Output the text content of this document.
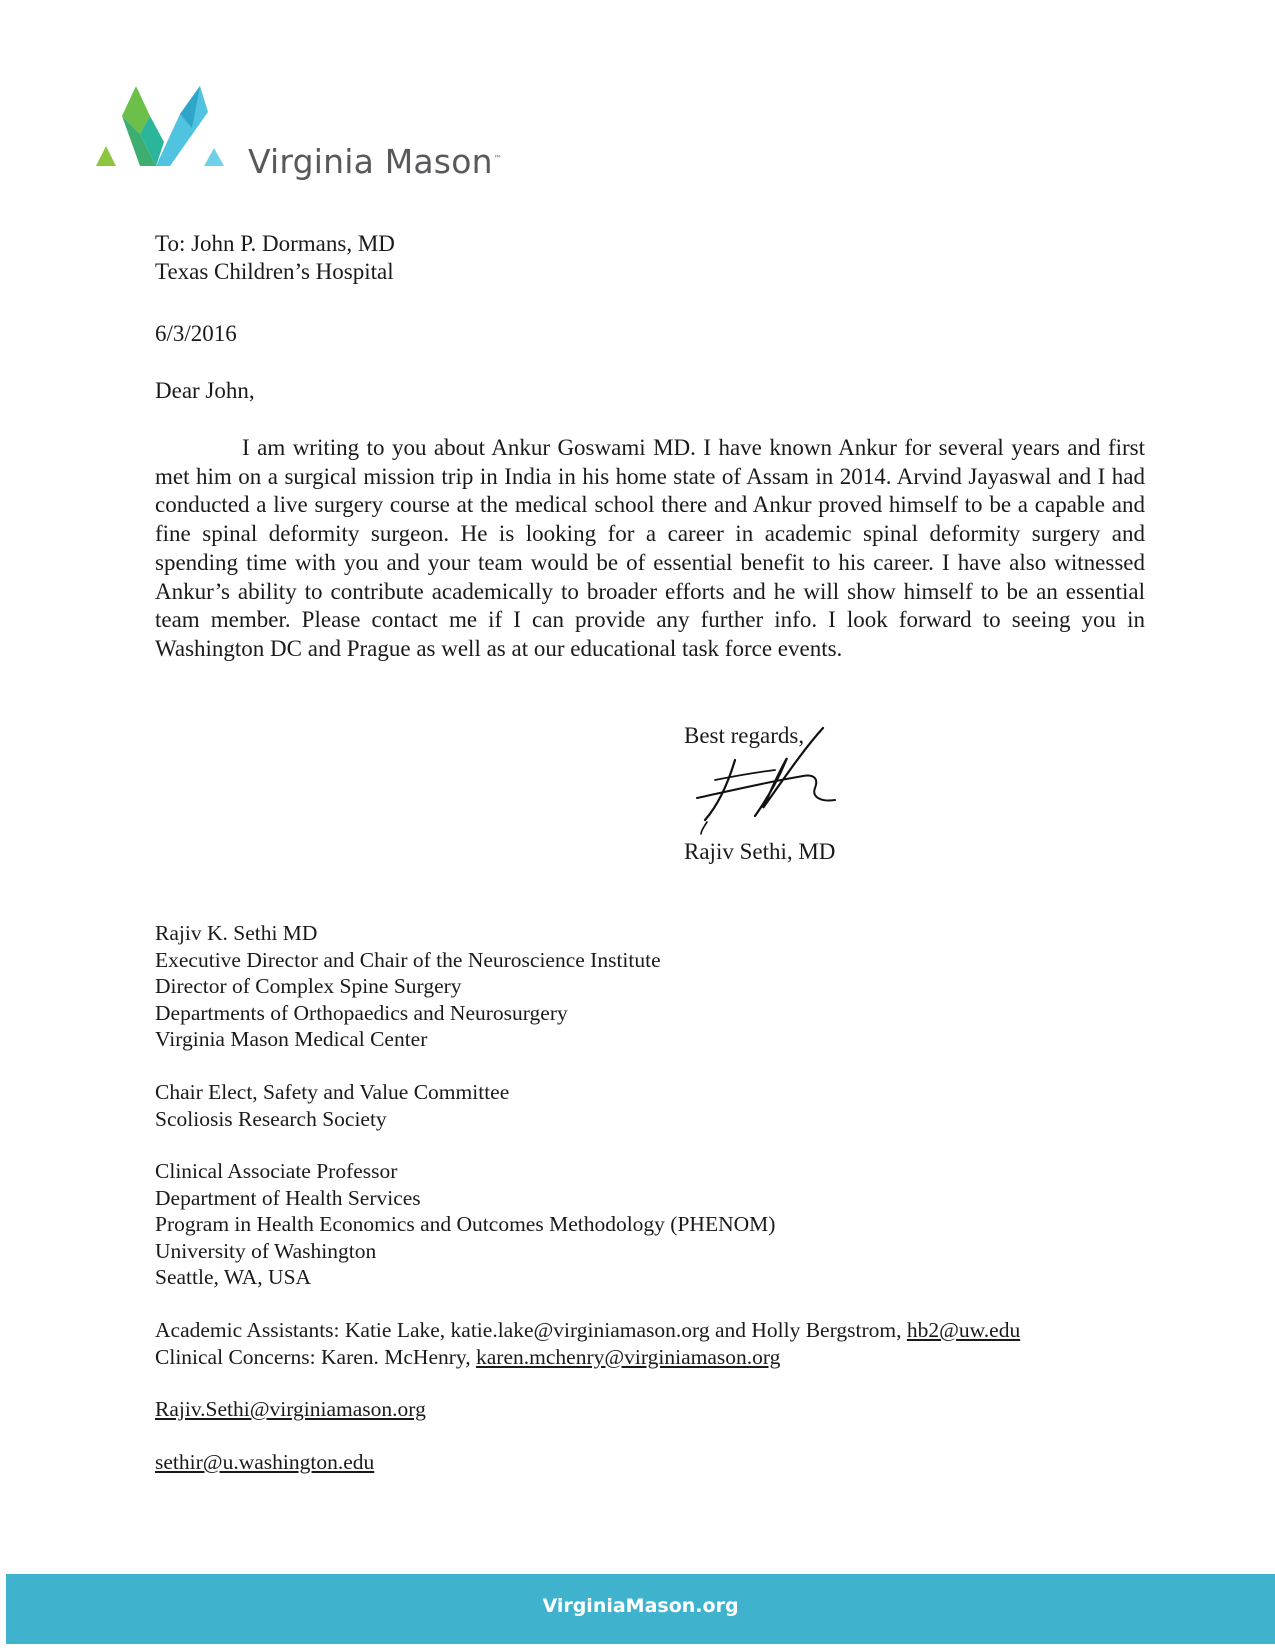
Virginia Mason™
To: John P. Dormans, MD
Texas Children’s Hospital
6/3/2016
Dear John,
I am writing to you about Ankur Goswami MD. I have known Ankur for several years and first met him on a surgical mission trip in India in his home state of Assam in 2014. Arvind Jayaswal and I had conducted a live surgery course at the medical school there and Ankur proved himself to be a capable and fine spinal deformity surgeon. He is looking for a career in academic spinal deformity surgery and spending time with you and your team would be of essential benefit to his career. I have also witnessed Ankur’s ability to contribute academically to broader efforts and he will show himself to be an essential team member. Please contact me if I can provide any further info. I look forward to seeing you in Washington DC and Prague as well as at our educational task force events.
Best regards,
Rajiv Sethi, MD
Rajiv K. Sethi MD
Executive Director and Chair of the Neuroscience Institute
Director of Complex Spine Surgery
Departments of Orthopaedics and Neurosurgery
Virginia Mason Medical Center
Chair Elect, Safety and Value Committee
Scoliosis Research Society
Clinical Associate Professor
Department of Health Services
Program in Health Economics and Outcomes Methodology (PHENOM)
University of Washington
Seattle, WA, USA
Academic Assistants: Katie Lake, katie.lake@virginiamason.org and Holly Bergstrom, hb2@uw.edu
Clinical Concerns: Karen. McHenry, karen.mchenry@virginiamason.org
Rajiv.Sethi@virginiamason.org
sethir@u.washington.edu
VirginiaMason.org
